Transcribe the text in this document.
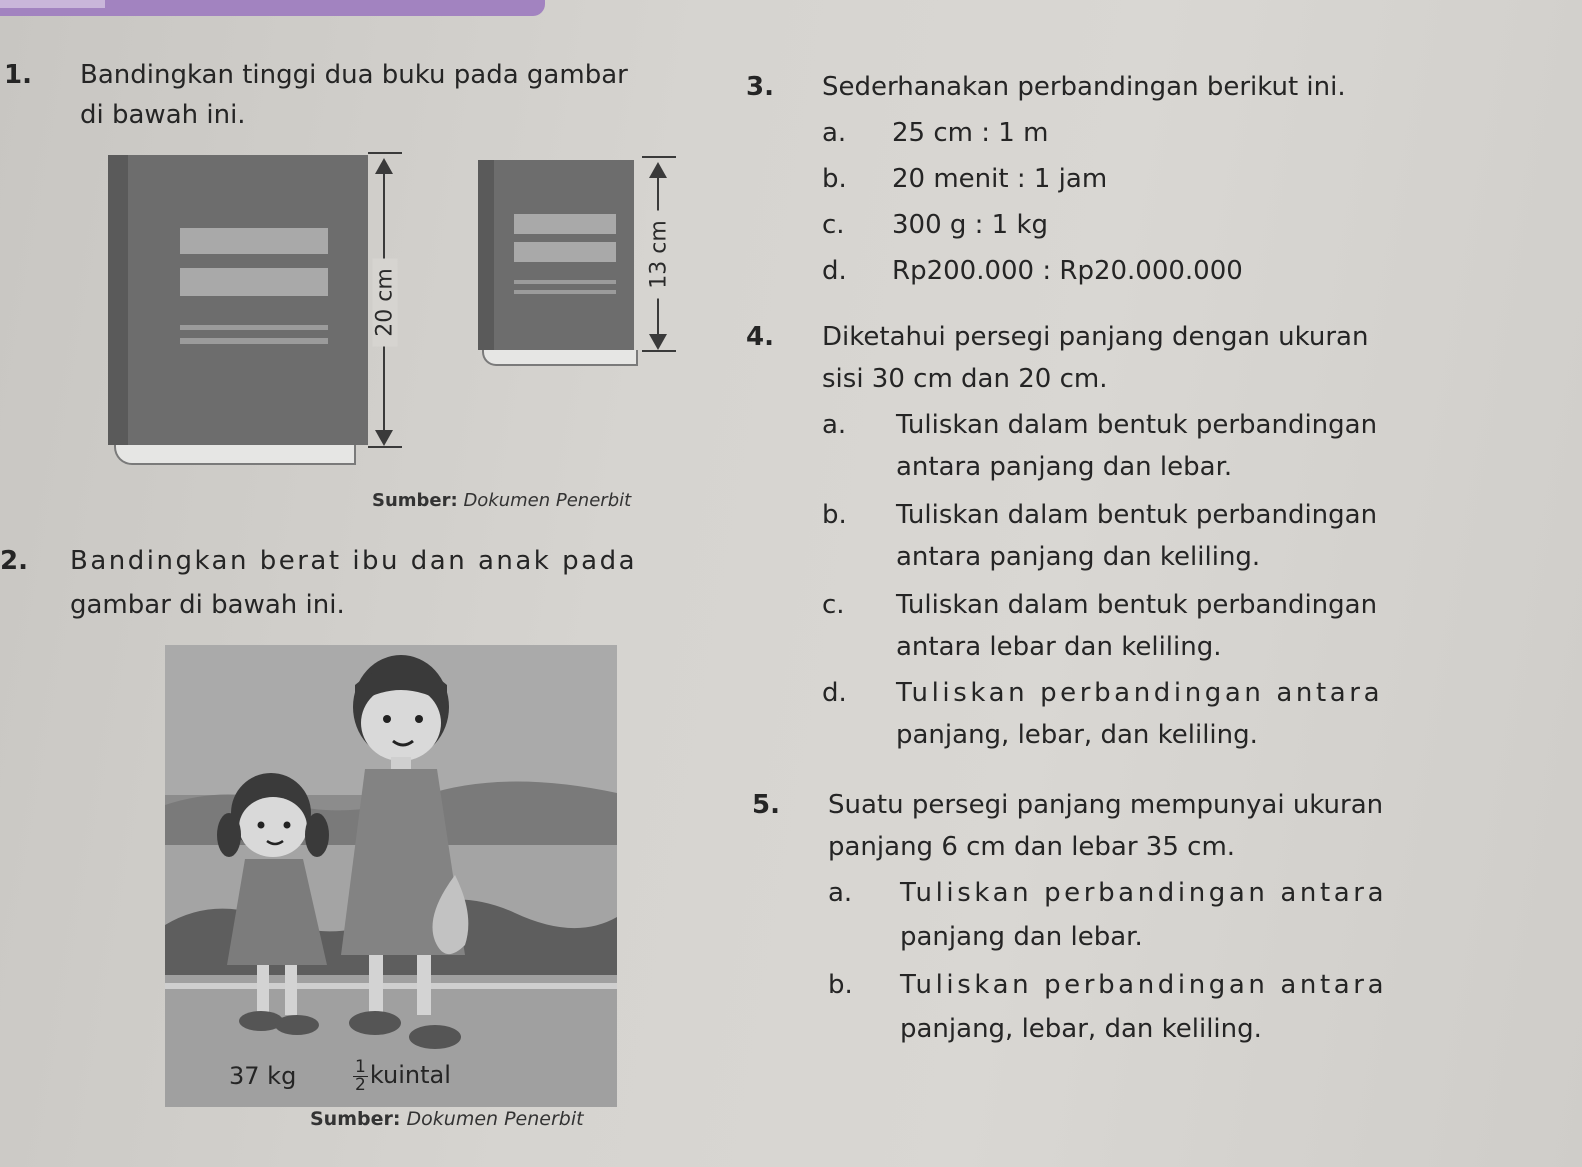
1. Bandingkan tinggi dua buku pada gambar
di bawah ini.
20 cm
13 cm
Sumber: Dokumen Penerbit
2. Bandingkan berat ibu dan anak pada
gambar di bawah ini.
37 kg	$\frac{1}{2}$ kuintal
Sumber: Dokumen Penerbit
3. Sederhanakan perbandingan berikut ini.
a. 25 cm : 1 m
b. 20 menit : 1 jam
c. 300 g : 1 kg
d. Rp200.000 : Rp20.000.000
4. Diketahui persegi panjang dengan ukuran
sisi 30 cm dan 20 cm.
a. Tuliskan dalam bentuk perbandingan
antara panjang dan lebar.
b. Tuliskan dalam bentuk perbandingan
antara panjang dan keliling.
c. Tuliskan dalam bentuk perbandingan
antara lebar dan keliling.
d. Tuliskan perbandingan antara
panjang, lebar, dan keliling.
5. Suatu persegi panjang mempunyai ukuran
panjang 6 cm dan lebar 35 cm.
a. Tuliskan perbandingan antara
panjang dan lebar.
b. Tuliskan perbandingan antara
panjang, lebar, dan keliling.
